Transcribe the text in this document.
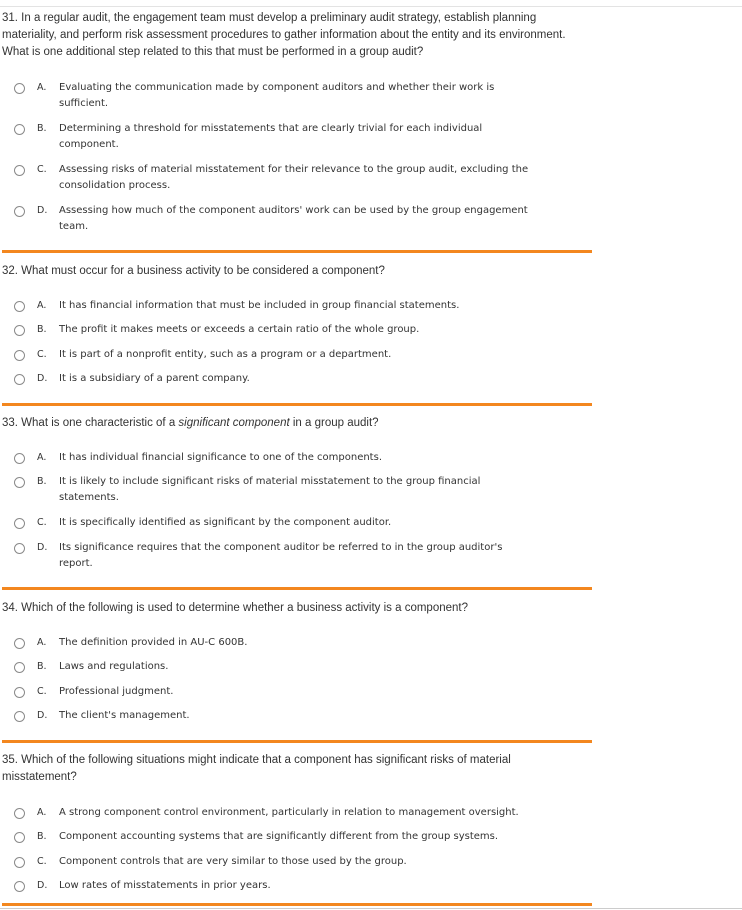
31. In a regular audit, the engagement team must develop a preliminary audit strategy, establish planning
materiality, and perform risk assessment procedures to gather information about the entity and its environment.
What is one additional step related to this that must be performed in a group audit?
A. Evaluating the communication made by component auditors and whether their work is
sufficient.
B. Determining a threshold for misstatements that are clearly trivial for each individual
component.
C. Assessing risks of material misstatement for their relevance to the group audit, excluding the
consolidation process.
D. Assessing how much of the component auditors' work can be used by the group engagement
team.
32. What must occur for a business activity to be considered a component?
A. It has financial information that must be included in group financial statements.
B. The profit it makes meets or exceeds a certain ratio of the whole group.
C. It is part of a nonprofit entity, such as a program or a department.
D. It is a subsidiary of a parent company.
33. What is one characteristic of a significant component in a group audit?
A. It has individual financial significance to one of the components.
B. It is likely to include significant risks of material misstatement to the group financial
statements.
C. It is specifically identified as significant by the component auditor.
D. Its significance requires that the component auditor be referred to in the group auditor's
report.
34. Which of the following is used to determine whether a business activity is a component?
A. The definition provided in AU-C 600B.
B. Laws and regulations.
C. Professional judgment.
D. The client's management.
35. Which of the following situations might indicate that a component has significant risks of material
misstatement?
A. A strong component control environment, particularly in relation to management oversight.
B. Component accounting systems that are significantly different from the group systems.
C. Component controls that are very similar to those used by the group.
D. Low rates of misstatements in prior years.
